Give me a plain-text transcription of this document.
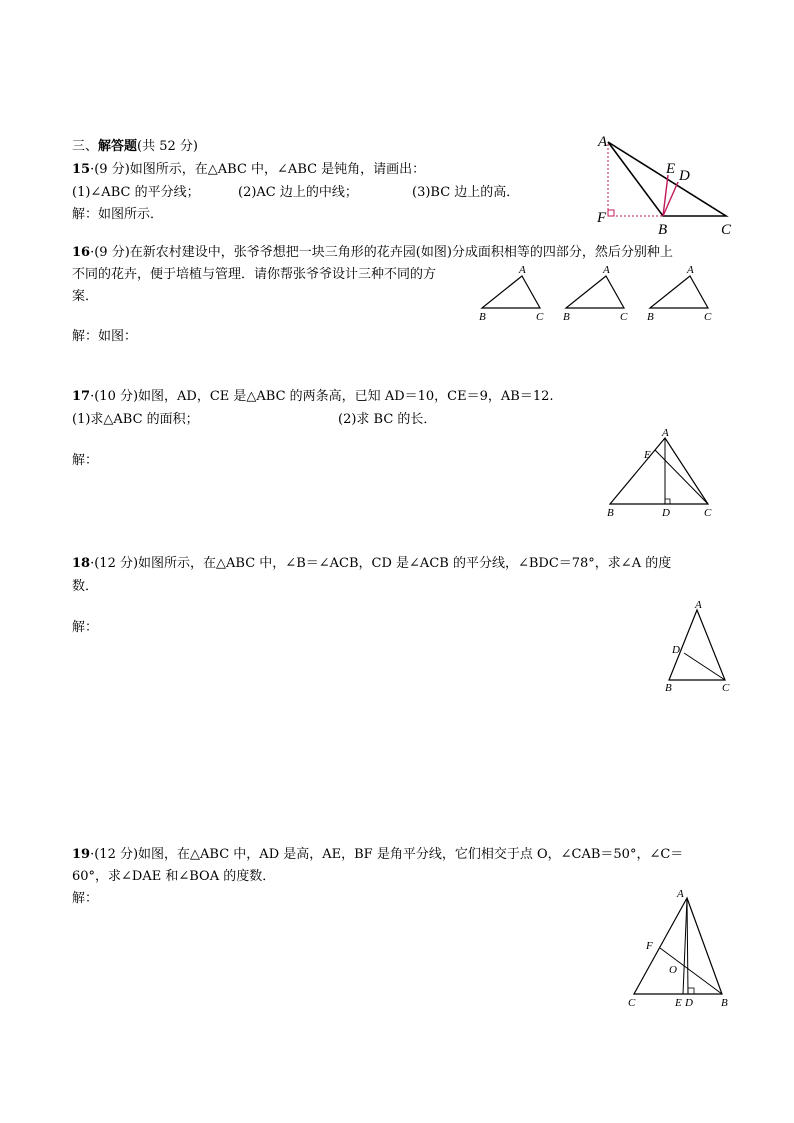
三、解答题(共 52 分)
15·(9 分)如图所示，在△ABC 中，∠ABC 是钝角，请画出：
(1)∠ABC 的平分线；	(2)AC 边上的中线；	(3)BC 边上的高．
解：如图所示．
A
E D
F
B	C
16·(9 分)在新农村建设中，张爷爷想把一块三角形的花卉园(如图)分成面积相等的四部分，然后分别种上
不同的花卉，便于培植与管理．请你帮张爷爷设计三种不同的方
案．
解：如图：
A
B	C
A
B	C
A
B	C
17·(10 分)如图，AD，CE 是△ABC 的两条高，已知 AD＝10，CE＝9，AB＝12.
(1)求△ABC 的面积；	(2)求 BC 的长．
解：
A
E
B	D	C
18·(12 分)如图所示，在△ABC 中，∠B＝∠ACB，CD 是∠ACB 的平分线，∠BDC＝78°，求∠A 的度
数．
解：
A
D
B	C
19·(12 分)如图，在△ABC 中，AD 是高，AE，BF 是角平分线，它们相交于点 O，∠CAB＝50°，∠C＝
60°，求∠DAE 和∠BOA 的度数．
解：	A
F
O
C	E D	B
